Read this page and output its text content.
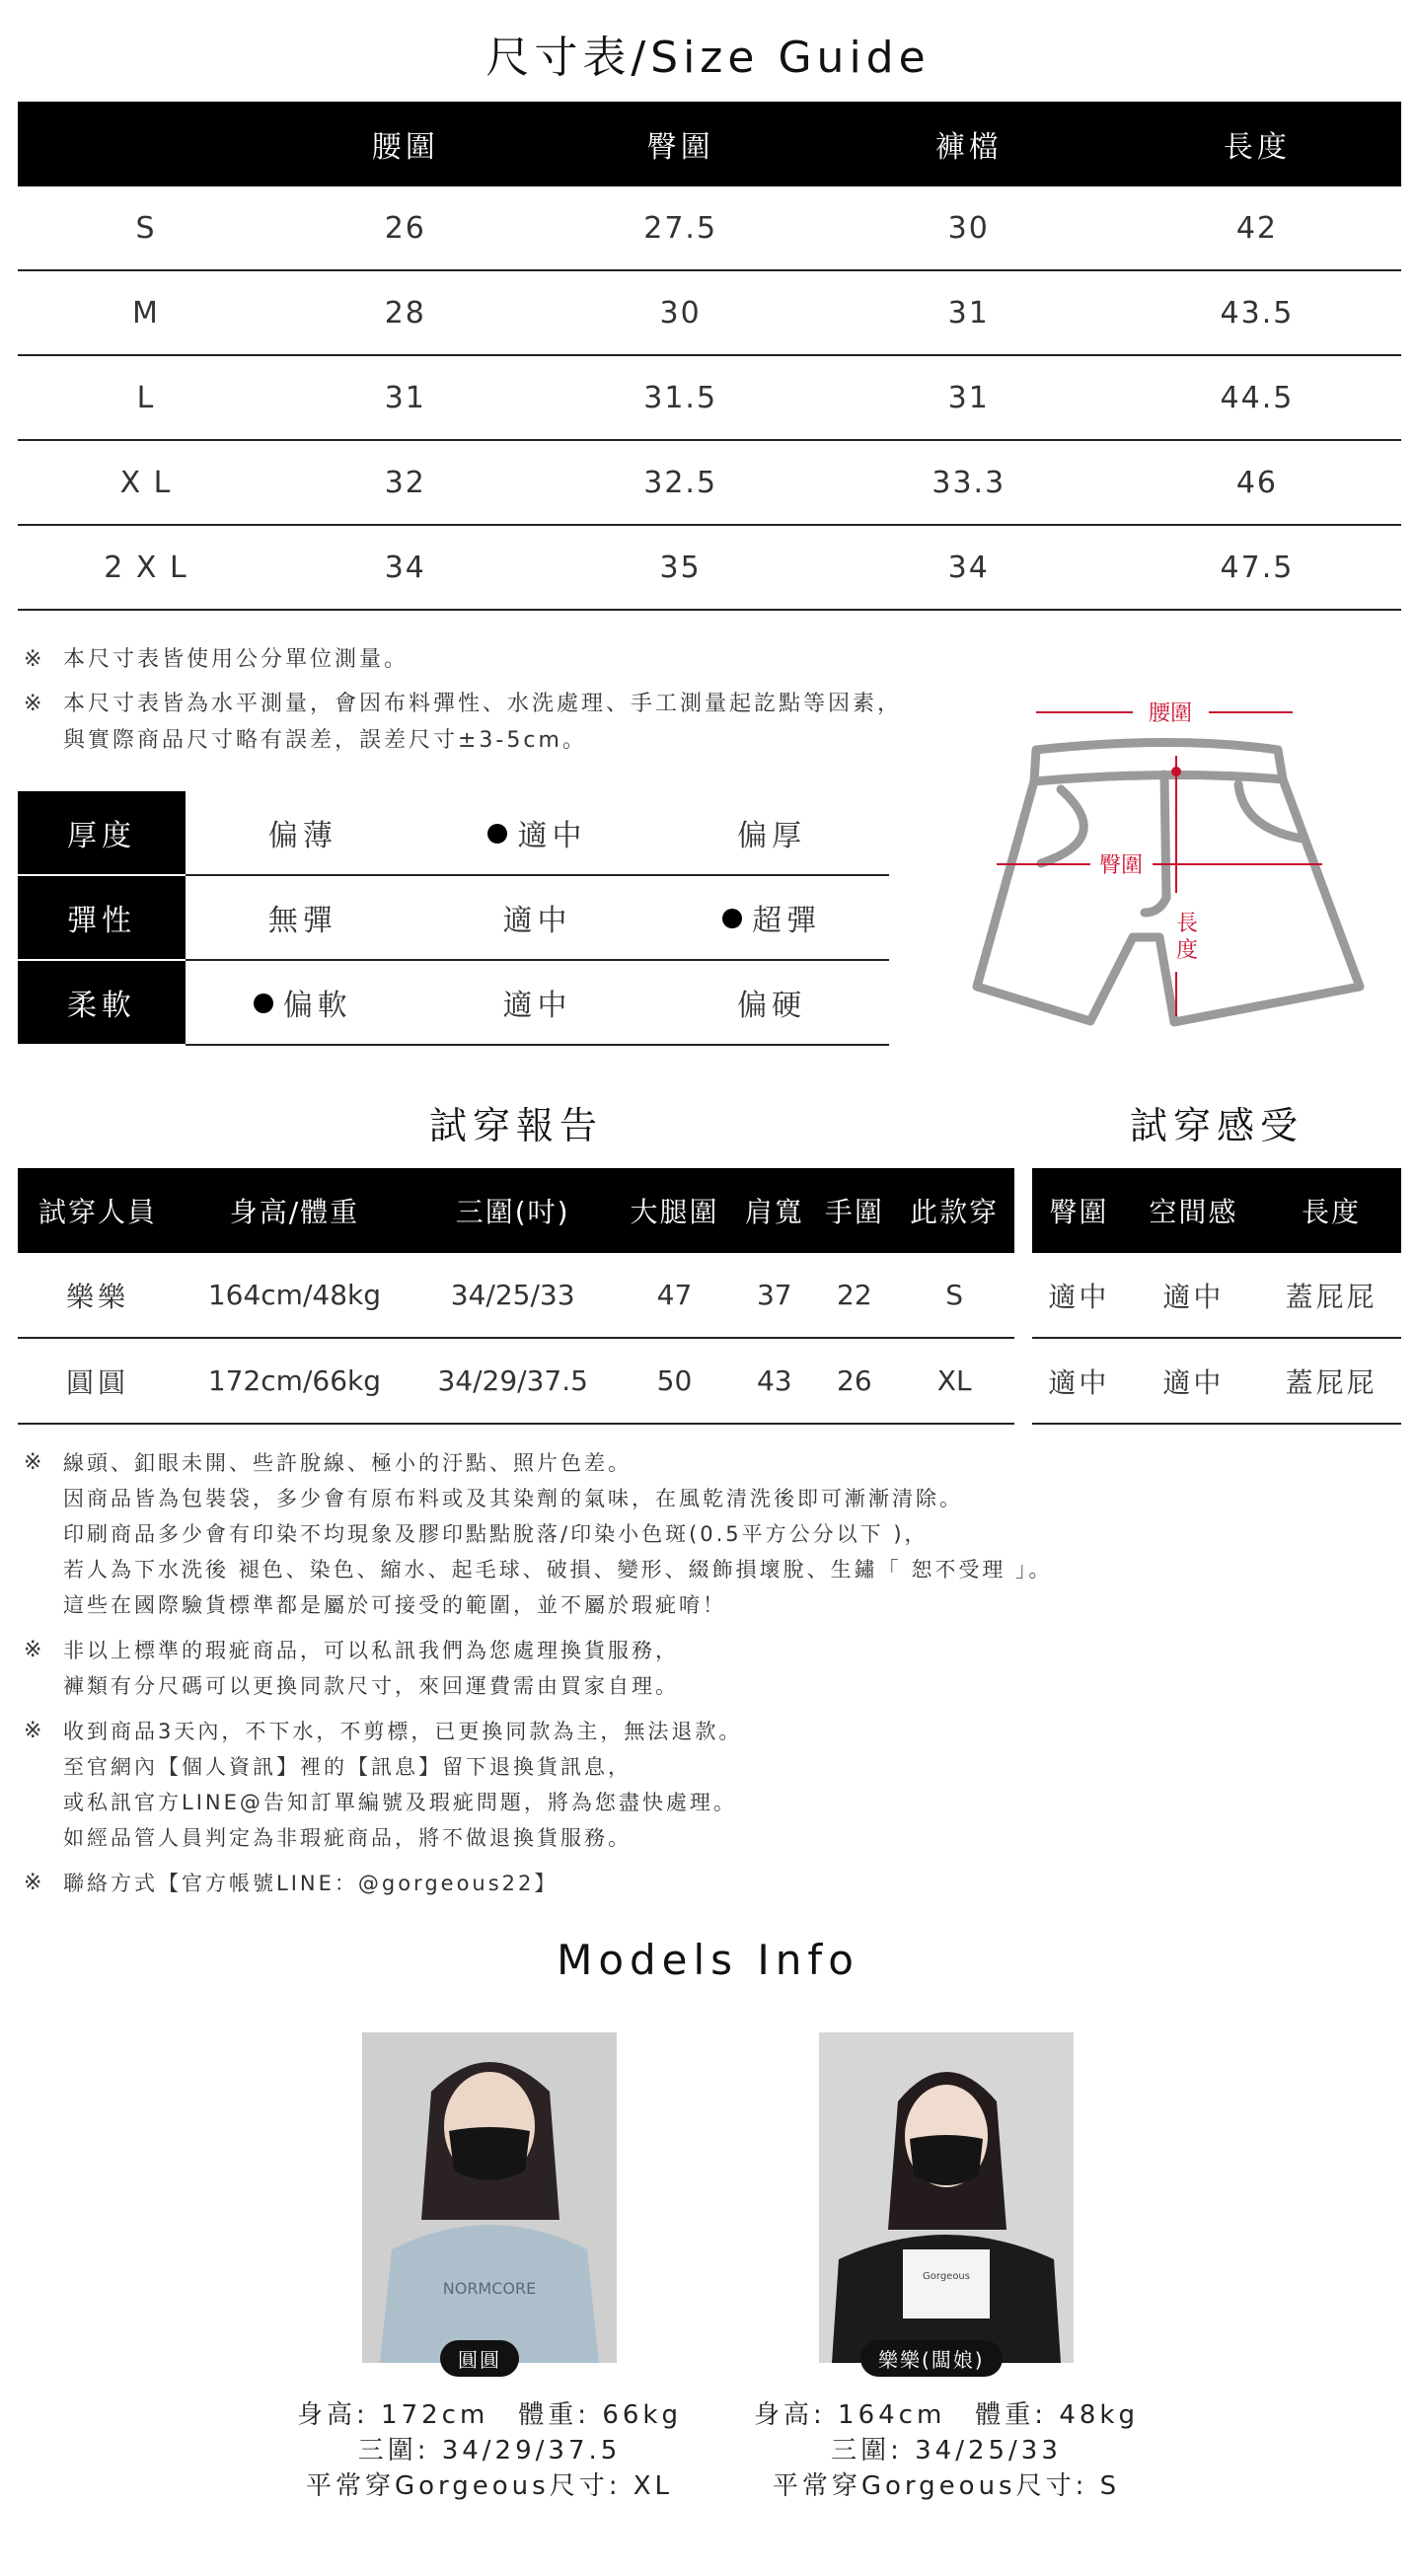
尺寸表/Size Guide
	腰圍	臀圍	褲檔	長度
S	26	27.5	30	42
M	28	30	31	43.5
L	31	31.5	31	44.5
X L	32	32.5	33.3	46
2 X L	34	35	34	47.5
※ 本尺寸表皆使用公分單位測量。
※ 本尺寸表皆為水平測量，會因布料彈性、水洗處理、手工測量起訖點等因素，
與實際商品尺寸略有誤差，誤差尺寸±3-5cm。
厚度	偏薄	適中	偏厚
彈性	無彈	適中	超彈
柔軟	偏軟	適中	偏硬
腰圍
臀圍
長 度
試穿報告	試穿感受
試穿人員	身高/體重	三圍(吋)	大腿圍	肩寬	手圍	此款穿
樂樂	164cm/48kg	34/25/33	47	37	22	S
圓圓	172cm/66kg	34/29/37.5	50	43	26	XL
臀圍	空間感	長度
適中	適中	蓋屁屁
適中	適中	蓋屁屁
※ 線頭、釦眼未開、些許脫線、極小的汙點、照片色差。
因商品皆為包裝袋，多少會有原布料或及其染劑的氣味，在風乾清洗後即可漸漸清除。
印刷商品多少會有印染不均現象及膠印點點脫落/印染小色斑(0.5平方公分以下 )，
若人為下水洗後 褪色、染色、縮水、起毛球、破損、變形、綴飾損壞脫、生鏽「 恕不受理 」。
這些在國際驗貨標準都是屬於可接受的範圍，並不屬於瑕疵唷！
※ 非以上標準的瑕疵商品，可以私訊我們為您處理換貨服務，
褲類有分尺碼可以更換同款尺寸，來回運費需由買家自理。
※ 收到商品3天內，不下水，不剪標，已更換同款為主，無法退款。
至官網內【個人資訊】裡的【訊息】留下退換貨訊息，
或私訊官方LINE@告知訂單編號及瑕疵問題，將為您盡快處理。
如經品管人員判定為非瑕疵商品，將不做退換貨服務。
※ 聯絡方式【官方帳號LINE：@gorgeous22】
Models Info
NORMCORE
圓圓
身高: 172cm　體重: 66kg
三圍: 34/29/37.5
平常穿Gorgeous尺寸: XL
Gorgeous
樂樂(闆娘)
身高: 164cm　體重: 48kg
三圍: 34/25/33
平常穿Gorgeous尺寸: S
